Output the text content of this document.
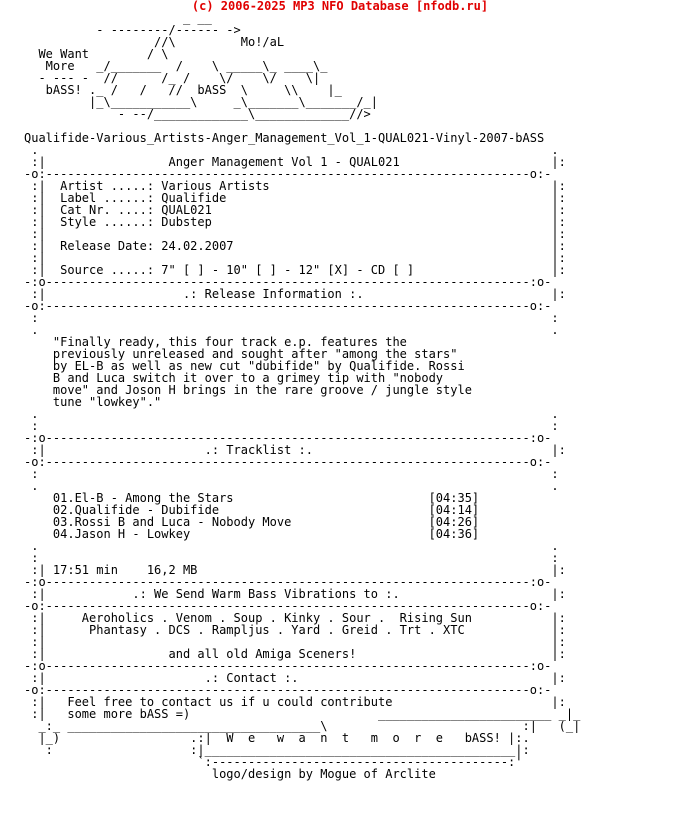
(c) 2006-2025 MP3 NFO Database [nfodb.ru]
_ __
- --------/------ ->
//\         Mo!/aL
We Want        / \
More   _/_______  /    \ _____\_ ____\_
- --- -  //      /_ /    \/    \/    \|
bASS! ._ /   /   //  bASS  \     \\    |_
|_\___________\     _\_______\_______/_|
- --/_____________\_____________//>
Qualifide-Various_Artists-Anger_Management_Vol_1-QUAL021-Vinyl-2007-bASS
.                                                                       .
:|                 Anger Management Vol 1 - QUAL021                     |:
-o:-------------------------------------------------------------------o:-
:|  Artist .....: Various Artists                                       |:
:|  Label ......: Qualifide                                             |:
:|  Cat Nr. ....: QUAL021                                               |:
:|  Style ......: Dubstep                                               |:
:|                                                                      |:
:|  Release Date: 24.02.2007                                            |:
:|                                                                      |:
:|  Source .....: 7" [ ] - 10" [ ] - 12" [X] - CD [ ]                   |:
-:o-------------------------------------------------------------------:o-
:|                   .: Release Information :.                          |:
-o:-------------------------------------------------------------------o:-
:                                                                       :
.                                                                       .
"Finally ready, this four track e.p. features the
previously unreleased and sought after "among the stars"
by EL-B as well as new cut "dubifide" by Qualifide. Rossi
B and Luca switch it over to a grimey tip with "nobody
move" and Joson H brings in the rare groove / jungle style
tune "lowkey"."
.                                                                       .
:                                                                       :
-:o-------------------------------------------------------------------:o-
:|                      .: Tracklist :.                                 |:
-o:-------------------------------------------------------------------o:-
:                                                                       :
.                                                                       .
01.El-B - Among the Stars                           [04:35]
02.Qualifide - Dubifide                             [04:14]
03.Rossi B and Luca - Nobody Move                   [04:26]
04.Jason H - Lowkey                                 [04:36]
.                                                                       .
:                                                                       :
:| 17:51 min    16,2 MB                                                 |:
-:o-------------------------------------------------------------------:o-
:|            .: We Send Warm Bass Vibrations to :.                     |:
-o:-------------------------------------------------------------------o:-
:|     Aeroholics . Venom . Soup . Kinky . Sour .  Rising Sun           |:
:|      Phantasy . DCS . Rampljus . Yard . Greid . Trt . XTC            |:
:|                                                                      |:
:|                 and all old Amiga Sceners!                           |:
-:o-------------------------------------------------------------------:o-
:|                      .: Contact :.                                   |:
-o:-------------------------------------------------------------------o:-
:|   Feel free to contact us if u could contribute                      |:
:|   some more bASS =)                          ________________________ _|_
_:_ ___________________________________\                           :|   (_|
|_)                  .:|  W  e   w  a  n  t   m  o  r  e   bASS! |:.
:                   :|___________________________________________|:
`:-----------------------------------------:'
logo/design by Mogue of Arclite
